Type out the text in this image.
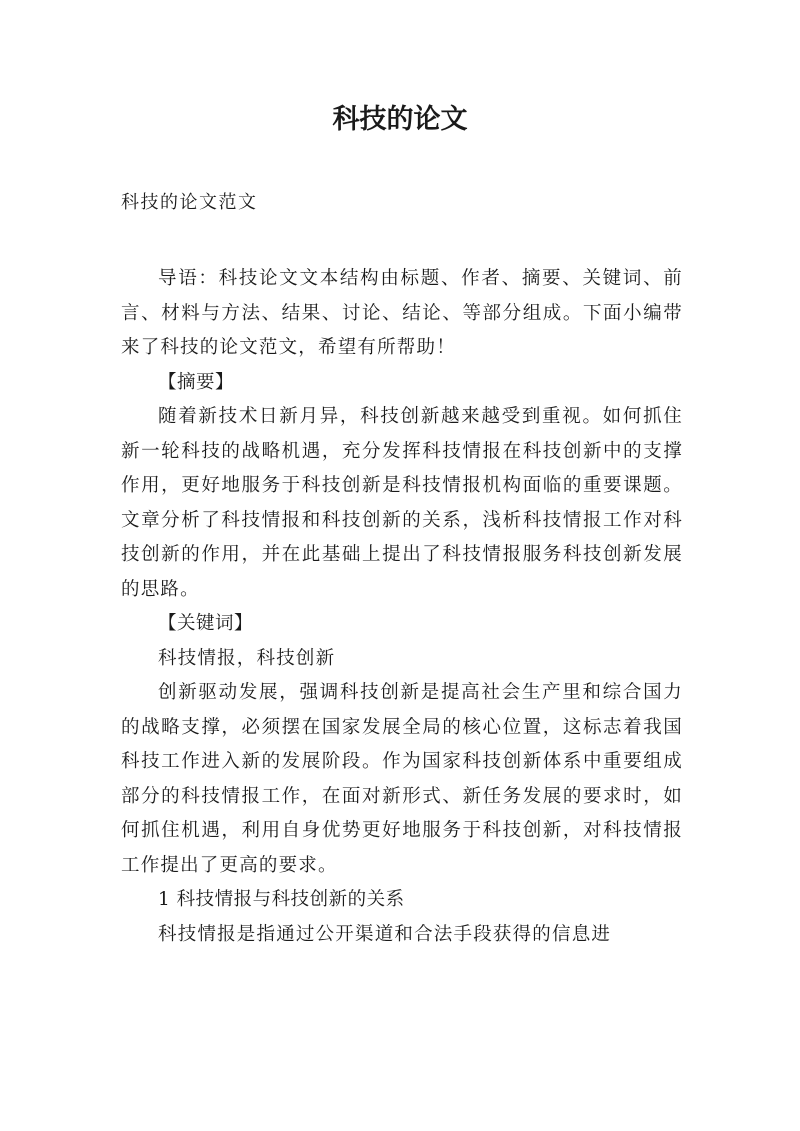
科技的论文

科技的论文范文

导语：科技论文文本结构由标题、作者、摘要、关键词、前言、材料与方法、结果、讨论、结论、等部分组成。下面小编带来了科技的论文范文，希望有所帮助！

【摘要】

随着新技术日新月异，科技创新越来越受到重视。如何抓住新一轮科技的战略机遇，充分发挥科技情报在科技创新中的支撑作用，更好地服务于科技创新是科技情报机构面临的重要课题。文章分析了科技情报和科技创新的关系，浅析科技情报工作对科技创新的作用，并在此基础上提出了科技情报服务科技创新发展的思路。

【关键词】

科技情报，科技创新

创新驱动发展，强调科技创新是提高社会生产里和综合国力的战略支撑，必须摆在国家发展全局的核心位置，这标志着我国科技工作进入新的发展阶段。作为国家科技创新体系中重要组成部分的科技情报工作，在面对新形式、新任务发展的要求时，如何抓住机遇，利用自身优势更好地服务于科技创新，对科技情报工作提出了更高的要求。

1 科技情报与科技创新的关系

科技情报是指通过公开渠道和合法手段获得的信息进
